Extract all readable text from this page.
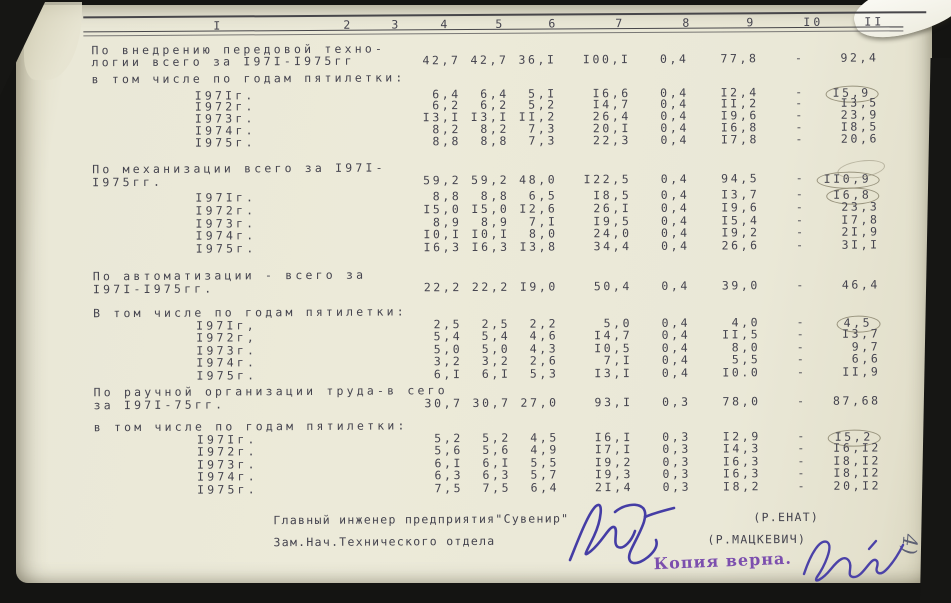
I	2	3	4	5	6	7	8	9	I0	II
По внедрению передовой техно-
логии всего за I97I-I975гг	42,7 42,7 36,I I00,I	0,4	77,8	-	92,4
в том числе по годам пятилетки:
I97Iг.	6,4 6,4 5,I	I6,6	0,4	I2,4	-	I5,9
I972г.	6,2 6,2 5,2	I4,7	0,4	II,2	-	I3,5
I973г.	I3,I I3,I II,2	26,4	0,4	I9,6	-	23,9
I974г.	8,2 8,2 7,3	20,I	0,4	I6,8	-	I8,5
I975г.	8,8 8,8 7,3	22,3	0,4	I7,8	-	20,6
По механизации всего за I97I-
I975гг.	59,2 59,2 48,0 I22,5	0,4	94,5	-	II0,9
I97Iг.	8,8 8,8 6,5	I8,5	0,4	I3,7	-	I6,8
I972г.	I5,0 I5,0 I2,6	26,I	0,4	I9,6	-	23,3
I973г.	8,9 8,9 7,I	I9,5	0,4	I5,4	-	I7,8
I974г.	I0,I I0,I 8,0	24,0	0,4	I9,2	-	2I,9
I975г.	I6,3 I6,3 I3,8	34,4	0,4	26,6	-	3I,I
По автоматизации - всего за
I97I-I975гг.	22,2 22,2 I9,0	50,4	0,4	39,0	-	46,4
В том числе по годам пятилетки:
I97Iг,	2,5 2,5 2,2	5,0	0,4	4,0	-	4,5
I972г,	5,4 5,4 4,6	I4,7	0,4	II,5	-	I3,7
I973г.	5,0 5,0 4,3	I0,5	0,4	8,0	-	9,7
I974г.	3,2 3,2 2,6	7,I	0,4	5,5	-	6,6
I975г.	6,I 6,I 5,3	I3,I	0,4	I0.0	-	II,9
По раучной организации труда-в сего
за I97I-75гг.	30,7 30,7 27,0	93,I	0,3	78,0	- 87,68
в том числе по годам пятилетки:
I97Iг.	5,2 5,2 4,5	I6,I	0,3	I2,9	-	I5,2
I972г.	5,6 5,6 4,9	I7,I	0,3	I4,3	- I6,I2
I973г.	6,I 6,I 5,5	I9,2	0,3	I6,3	- I8,I2
I974г.	6,3 6,3 5,7	I9,3	0,3	I6,3	- I8,I2
I975г.	7,5 7,5 6,4	2I,4	0,3	I8,2	- 20,I2
Главный инженер предприятия"Сувенир"	(Р.ЕНАТ)
Зам.Нач.Технического отдела	(Р.МАЦКЕВИЧ)
Копия верна.
4)
